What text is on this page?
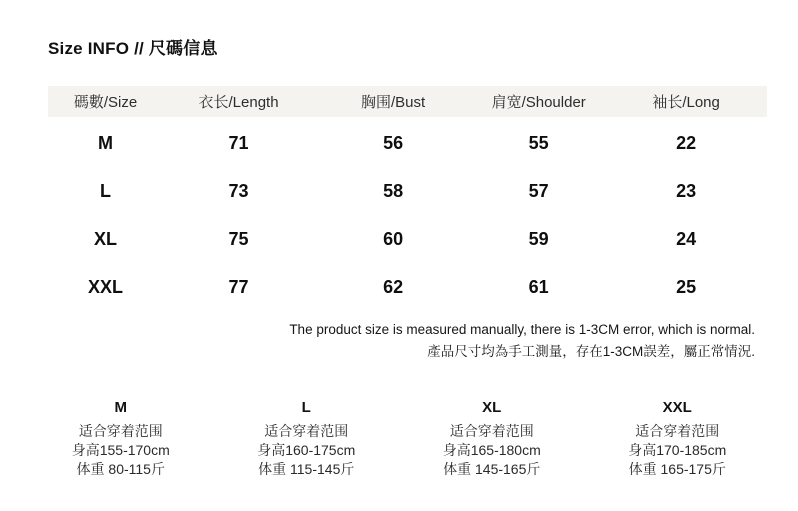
Size INFO // 尺碼信息
碼數/Size	衣长/Length	胸围/Bust	肩宽/Shoulder	袖长/Long
M	71	56	55	22
L	73	58	57	23
XL	75	60	59	24
XXL	77	62	61	25
The product size is measured manually, there is 1-3CM error, which is normal.
產品尺寸均為手工測量，存在1-3CM誤差，屬正常情況.
M
适合穿着范围
身高155-170cm
体重 80-115斤
L
适合穿着范围
身高160-175cm
体重 115-145斤
XL
适合穿着范围
身高165-180cm
体重 145-165斤
XXL
适合穿着范围
身高170-185cm
体重 165-175斤
